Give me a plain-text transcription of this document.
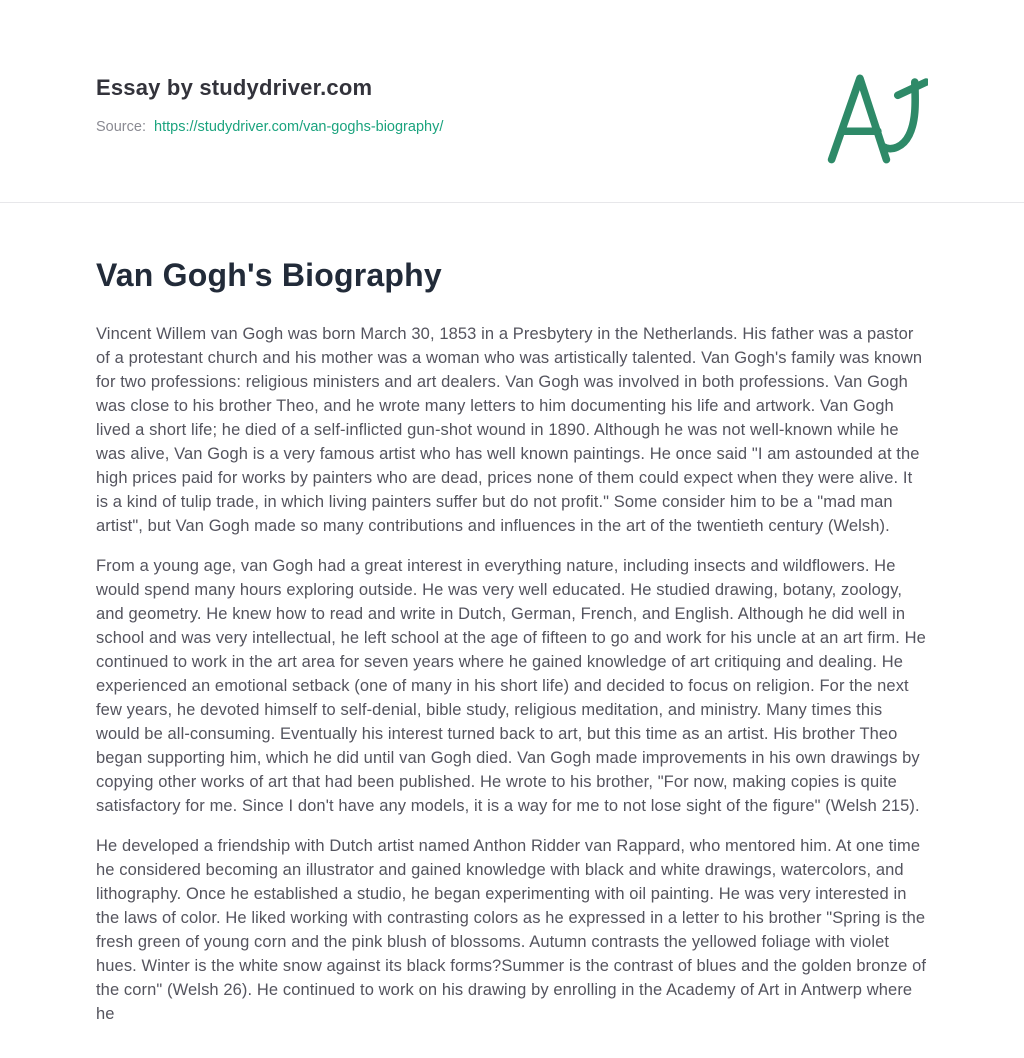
Essay by studydriver.com
Source: https://studydriver.com/van-goghs-biography/
Van Gogh's Biography

Vincent Willem van Gogh was born March 30, 1853 in a Presbytery in the Netherlands. His father was a pastor of a protestant church and his mother was a woman who was artistically talented. Van Gogh's family was known for two professions: religious ministers and art dealers. Van Gogh was involved in both professions. Van Gogh was close to his brother Theo, and he wrote many letters to him documenting his life and artwork. Van Gogh lived a short life; he died of a self-inflicted gun-shot wound in 1890. Although he was not well-known while he was alive, Van Gogh is a very famous artist who has well known paintings. He once said "I am astounded at the high prices paid for works by painters who are dead, prices none of them could expect when they were alive. It is a kind of tulip trade, in which living painters suffer but do not profit." Some consider him to be a "mad man artist", but Van Gogh made so many contributions and influences in the art of the twentieth century (Welsh).

From a young age, van Gogh had a great interest in everything nature, including insects and wildflowers. He would spend many hours exploring outside. He was very well educated. He studied drawing, botany, zoology, and geometry. He knew how to read and write in Dutch, German, French, and English. Although he did well in school and was very intellectual, he left school at the age of fifteen to go and work for his uncle at an art firm. He continued to work in the art area for seven years where he gained knowledge of art critiquing and dealing. He experienced an emotional setback (one of many in his short life) and decided to focus on religion. For the next few years, he devoted himself to self-denial, bible study, religious meditation, and ministry. Many times this would be all-consuming. Eventually his interest turned back to art, but this time as an artist. His brother Theo began supporting him, which he did until van Gogh died. Van Gogh made improvements in his own drawings by copying other works of art that had been published. He wrote to his brother, "For now, making copies is quite satisfactory for me. Since I don't have any models, it is a way for me to not lose sight of the figure" (Welsh 215).

He developed a friendship with Dutch artist named Anthon Ridder van Rappard, who mentored him. At one time he considered becoming an illustrator and gained knowledge with black and white drawings, watercolors, and lithography. Once he established a studio, he began experimenting with oil painting. He was very interested in the laws of color. He liked working with contrasting colors as he expressed in a letter to his brother "Spring is the fresh green of young corn and the pink blush of blossoms. Autumn contrasts the yellowed foliage with violet hues. Winter is the white snow against its black forms?Summer is the contrast of blues and the golden bronze of the corn" (Welsh 26). He continued to work on his drawing by enrolling in the Academy of Art in Antwerp where he
